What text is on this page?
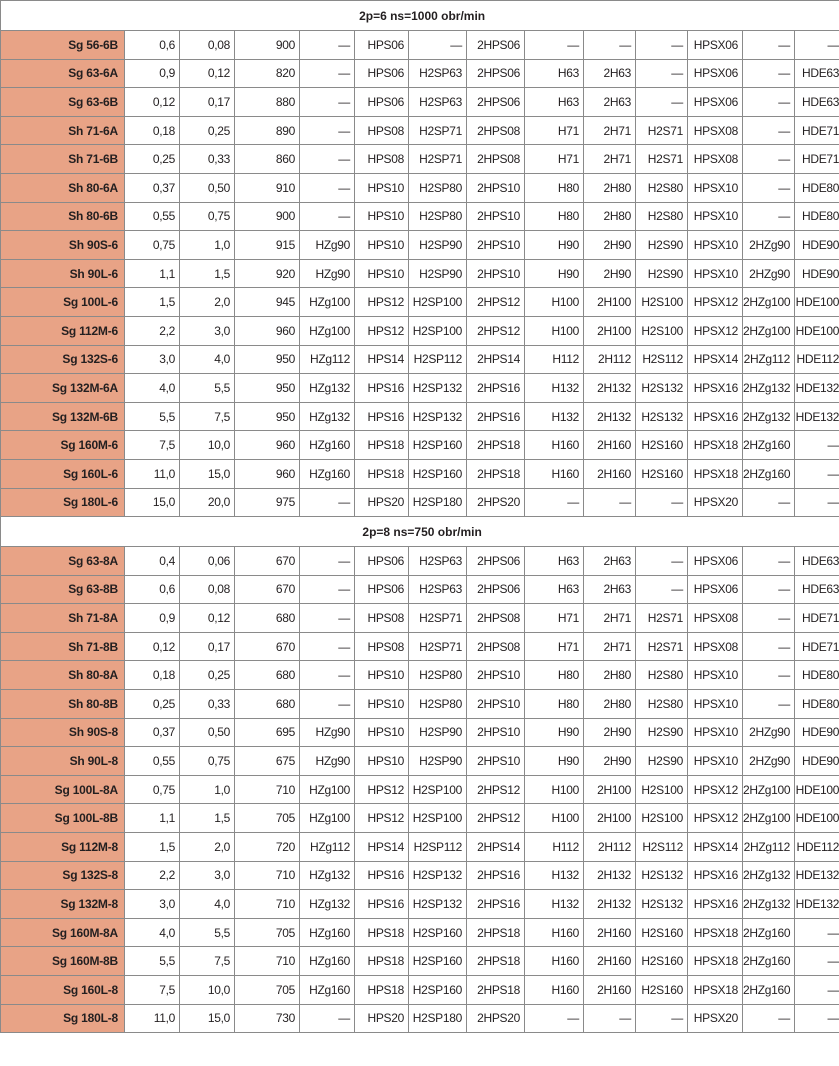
2p=6 ns=1000 obr/min													
Sg 56-6B	0,6	0,08	900	—	HPS06	—	2HPS06	—	—	—	HPSX06	—	—
Sg 63-6A	0,9	0,12	820	—	HPS06	H2SP63	2HPS06	H63	2H63	—	HPSX06	—	HDE63
Sg 63-6B	0,12	0,17	880	—	HPS06	H2SP63	2HPS06	H63	2H63	—	HPSX06	—	HDE63
Sh 71-6A	0,18	0,25	890	—	HPS08	H2SP71	2HPS08	H71	2H71	H2S71	HPSX08	—	HDE71
Sh 71-6B	0,25	0,33	860	—	HPS08	H2SP71	2HPS08	H71	2H71	H2S71	HPSX08	—	HDE71
Sh 80-6A	0,37	0,50	910	—	HPS10	H2SP80	2HPS10	H80	2H80	H2S80	HPSX10	—	HDE80
Sh 80-6B	0,55	0,75	900	—	HPS10	H2SP80	2HPS10	H80	2H80	H2S80	HPSX10	—	HDE80
Sh 90S-6	0,75	1,0	915	HZg90	HPS10	H2SP90	2HPS10	H90	2H90	H2S90	HPSX10	2HZg90	HDE90
Sh 90L-6	1,1	1,5	920	HZg90	HPS10	H2SP90	2HPS10	H90	2H90	H2S90	HPSX10	2HZg90	HDE90
Sg 100L-6	1,5	2,0	945	HZg100	HPS12	H2SP100	2HPS12	H100	2H100	H2S100	HPSX12	2HZg100	HDE100
Sg 112M-6	2,2	3,0	960	HZg100	HPS12	H2SP100	2HPS12	H100	2H100	H2S100	HPSX12	2HZg100	HDE100
Sg 132S-6	3,0	4,0	950	HZg112	HPS14	H2SP112	2HPS14	H112	2H112	H2S112	HPSX14	2HZg112	HDE112
Sg 132M-6A	4,0	5,5	950	HZg132	HPS16	H2SP132	2HPS16	H132	2H132	H2S132	HPSX16	2HZg132	HDE132
Sg 132M-6B	5,5	7,5	950	HZg132	HPS16	H2SP132	2HPS16	H132	2H132	H2S132	HPSX16	2HZg132	HDE132
Sg 160M-6	7,5	10,0	960	HZg160	HPS18	H2SP160	2HPS18	H160	2H160	H2S160	HPSX18	2HZg160	—
Sg 160L-6	11,0	15,0	960	HZg160	HPS18	H2SP160	2HPS18	H160	2H160	H2S160	HPSX18	2HZg160	—
Sg 180L-6	15,0	20,0	975	—	HPS20	H2SP180	2HPS20	—	—	—	HPSX20	—	—
2p=8 ns=750 obr/min													
Sg 63-8A	0,4	0,06	670	—	HPS06	H2SP63	2HPS06	H63	2H63	—	HPSX06	—	HDE63
Sg 63-8B	0,6	0,08	670	—	HPS06	H2SP63	2HPS06	H63	2H63	—	HPSX06	—	HDE63
Sh 71-8A	0,9	0,12	680	—	HPS08	H2SP71	2HPS08	H71	2H71	H2S71	HPSX08	—	HDE71
Sh 71-8B	0,12	0,17	670	—	HPS08	H2SP71	2HPS08	H71	2H71	H2S71	HPSX08	—	HDE71
Sh 80-8A	0,18	0,25	680	—	HPS10	H2SP80	2HPS10	H80	2H80	H2S80	HPSX10	—	HDE80
Sh 80-8B	0,25	0,33	680	—	HPS10	H2SP80	2HPS10	H80	2H80	H2S80	HPSX10	—	HDE80
Sh 90S-8	0,37	0,50	695	HZg90	HPS10	H2SP90	2HPS10	H90	2H90	H2S90	HPSX10	2HZg90	HDE90
Sh 90L-8	0,55	0,75	675	HZg90	HPS10	H2SP90	2HPS10	H90	2H90	H2S90	HPSX10	2HZg90	HDE90
Sg 100L-8A	0,75	1,0	710	HZg100	HPS12	H2SP100	2HPS12	H100	2H100	H2S100	HPSX12	2HZg100	HDE100
Sg 100L-8B	1,1	1,5	705	HZg100	HPS12	H2SP100	2HPS12	H100	2H100	H2S100	HPSX12	2HZg100	HDE100
Sg 112M-8	1,5	2,0	720	HZg112	HPS14	H2SP112	2HPS14	H112	2H112	H2S112	HPSX14	2HZg112	HDE112
Sg 132S-8	2,2	3,0	710	HZg132	HPS16	H2SP132	2HPS16	H132	2H132	H2S132	HPSX16	2HZg132	HDE132
Sg 132M-8	3,0	4,0	710	HZg132	HPS16	H2SP132	2HPS16	H132	2H132	H2S132	HPSX16	2HZg132	HDE132
Sg 160M-8A	4,0	5,5	705	HZg160	HPS18	H2SP160	2HPS18	H160	2H160	H2S160	HPSX18	2HZg160	—
Sg 160M-8B	5,5	7,5	710	HZg160	HPS18	H2SP160	2HPS18	H160	2H160	H2S160	HPSX18	2HZg160	—
Sg 160L-8	7,5	10,0	705	HZg160	HPS18	H2SP160	2HPS18	H160	2H160	H2S160	HPSX18	2HZg160	—
Sg 180L-8	11,0	15,0	730	—	HPS20	H2SP180	2HPS20	—	—	—	HPSX20	—	—
